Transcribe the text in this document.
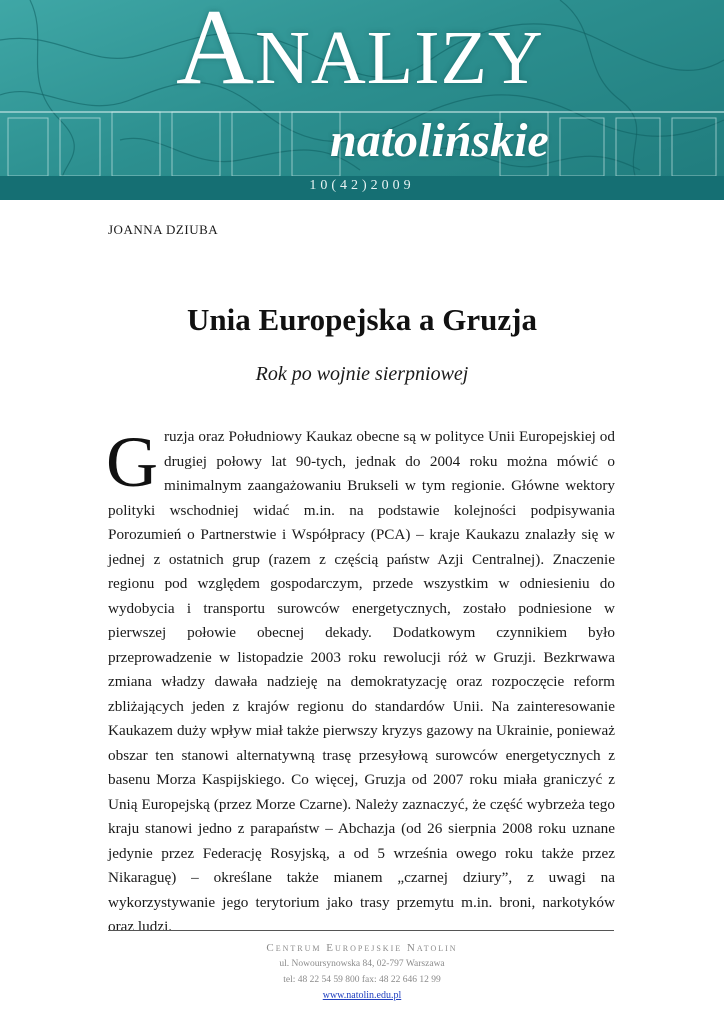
Analizy
natolińskie
10(42)2009
JOANNA DZIUBA
Unia Europejska a Gruzja
Rok po wojnie sierpniowej
G ruzja oraz Południowy Kaukaz obecne są w polityce Unii Europejskiej od drugiej połowy lat 90-tych, jednak do 2004 roku można mówić o minimalnym zaangażowaniu Brukseli w tym regionie. Główne wektory polityki wschodniej widać m.in. na podstawie kolejności podpisywania Porozumień o Partnerstwie i Współpracy (PCA) – kraje Kaukazu znalazły się w jednej z ostatnich grup (razem z częścią państw Azji Centralnej). Znaczenie regionu pod względem gospodarczym, przede wszystkim w odniesieniu do wydobycia i transportu surowców energetycznych, zostało podniesione w pierwszej połowie obecnej dekady. Dodatkowym czynnikiem było przeprowadzenie w listopadzie 2003 roku rewolucji róż w Gruzji. Bezkrwawa zmiana władzy dawała nadzieję na demokratyzację oraz rozpoczęcie reform zbliżających jeden z krajów regionu do standardów Unii. Na zainteresowanie Kaukazem duży wpływ miał także pierwszy kryzys gazowy na Ukrainie, ponieważ obszar ten stanowi alternatywną trasę przesyłową surowców energetycznych z basenu Morza Kaspijskiego. Co więcej, Gruzja od 2007 roku miała graniczyć z Unią Europejską (przez Morze Czarne). Należy zaznaczyć, że część wybrzeża tego kraju stanowi jedno z parapaństw – Abchazja (od 26 sierpnia 2008 roku uznane jedynie przez Federację Rosyjską, a od 5 września owego roku także przez Nikaraguę) – określane także mianem „czarnej dziury”, z uwagi na wykorzystywanie jego terytorium jako trasy przemytu m.in. broni, narkotyków oraz ludzi.
Centrum Europejskie Natolin
ul. Nowoursynowska 84, 02-797 Warszawa
tel: 48 22 54 59 800 fax: 48 22 646 12 99
www.natolin.edu.pl
